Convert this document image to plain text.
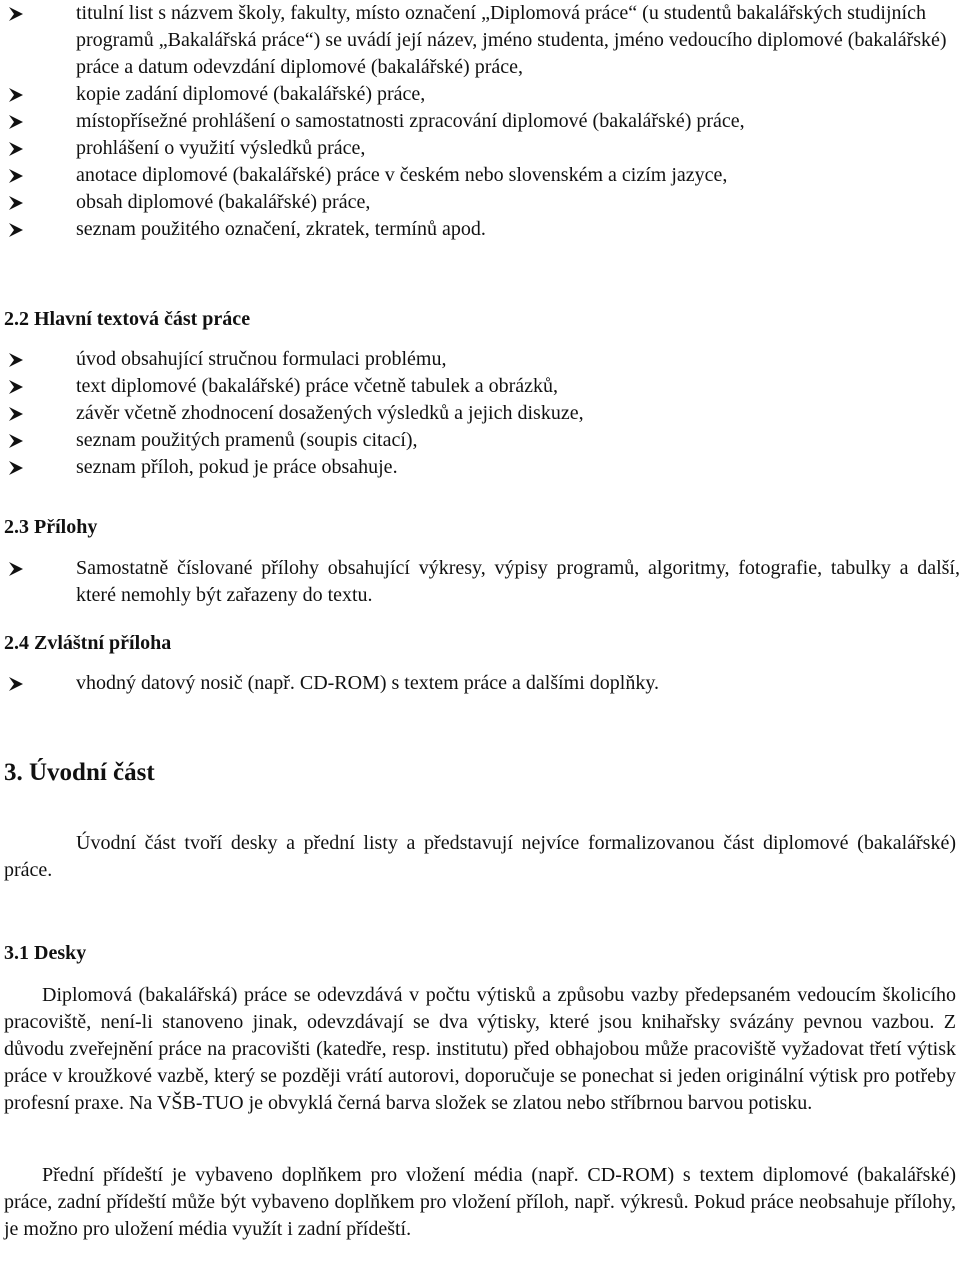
titulní list s názvem školy, fakulty, místo označení „Diplomová práce“ (u studentů bakalářských studijních programů „Bakalářská práce“) se uvádí její název, jméno studenta, jméno vedoucího diplomové (bakalářské) práce a datum odevzdání diplomové (bakalářské) práce,
kopie zadání diplomové (bakalářské) práce,
místopřísežné prohlášení o samostatnosti zpracování diplomové (bakalářské) práce,
prohlášení o využití výsledků práce,
anotace diplomové (bakalářské) práce v českém nebo slovenském a cizím jazyce,
obsah diplomové (bakalářské) práce,
seznam použitého označení, zkratek, termínů apod.
2.2 Hlavní textová část práce
úvod obsahující stručnou formulaci problému,
text diplomové (bakalářské) práce včetně tabulek a obrázků,
závěr včetně zhodnocení dosažených výsledků a jejich diskuze,
seznam použitých pramenů (soupis citací),
seznam příloh, pokud je práce obsahuje.
2.3 Přílohy
Samostatně číslované přílohy obsahující výkresy, výpisy programů, algoritmy, fotografie, tabulky a další, které nemohly být zařazeny do textu.
2.4 Zvláštní příloha
vhodný datový nosič (např. CD-ROM) s textem práce a dalšími doplňky.
3. Úvodní část

Úvodní část tvoří desky a přední listy a představují nejvíce formalizovanou část diplomové (bakalářské) práce.

3.1 Desky

Diplomová (bakalářská) práce se odevzdává v počtu výtisků a způsobu vazby předepsaném vedoucím školicího pracoviště, není-li stanoveno jinak, odevzdávají se dva výtisky, které jsou knihařsky svázány pevnou vazbou. Z důvodu zveřejnění práce na pracovišti (katedře, resp. institutu) před obhajobou může pracoviště vyžadovat třetí výtisk práce v kroužkové vazbě, který se později vrátí autorovi, doporučuje se ponechat si jeden originální výtisk pro potřeby profesní praxe. Na VŠB-TUO je obvyklá černá barva složek se zlatou nebo stříbrnou barvou potisku.

Přední přídeští je vybaveno doplňkem pro vložení média (např. CD-ROM) s textem diplomové (bakalářské) práce, zadní přídeští může být vybaveno doplňkem pro vložení příloh, např. výkresů. Pokud práce neobsahuje přílohy, je možno pro uložení média využít i zadní přídeští.
